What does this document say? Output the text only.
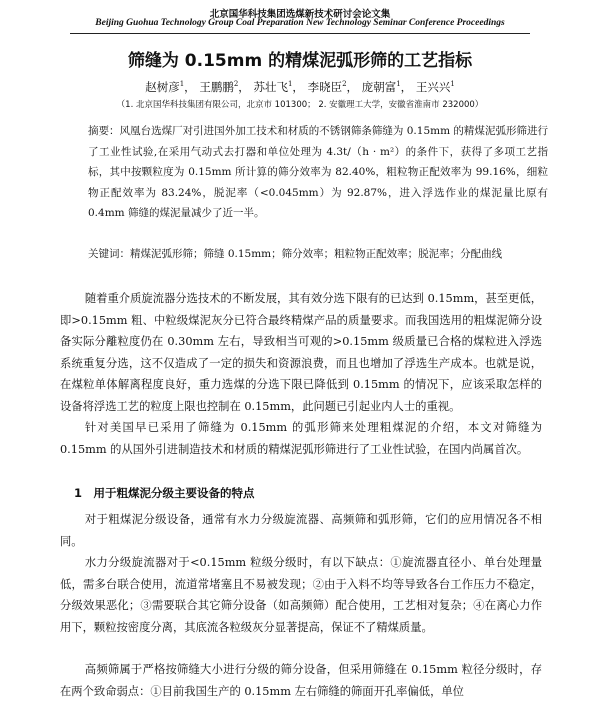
北京国华科技集团选煤新技术研讨会论文集
Beijing Guohua Technology Group Coal Preparation New Technology Seminar Conference Proceedings
筛缝为 0.15mm 的精煤泥弧形筛的工艺指标
赵树彦$^1$， 王鹏鹏$^2$， 苏壮飞$^1$， 李晓臣$^2$， 庞朝富$^1$， 王兴兴$^1$
（1. 北京国华科技集团有限公司，北京市 101300； 2. 安徽理工大学，安徽省淮南市 232000）
摘要：风凰台选煤厂对引进国外加工技术和材质的不锈钢筛条筛缝为 0.15mm 的精煤泥弧形筛进行了工业性试验,在采用气动式去打器和单位处理为 4.3t/（h · m²）的条件下，获得了多项工艺指标，其中按颗粒度为 0.15mm 所计算的筛分效率为 82.40%，粗粒物正配效率为 99.16%，细粒物正配效率为 83.24%，脱泥率（<0.045mm）为 92.87%，进入浮选作业的煤泥量比原有 0.4mm 筛缝的煤泥量减少了近一半。
关键词：精煤泥弧形筛；筛缝 0.15mm；筛分效率；粗粒物正配效率；脱泥率；分配曲线

随着重介质旋流器分选技术的不断发展，其有效分选下限有的已达到 0.15mm，甚至更低，即>0.15mm 粗、中粒级煤泥灰分已符合最终精煤产品的质量要求。而我国选用的粗煤泥筛分设备实际分離粒度仍在 0.30mm 左右，导致相当可观的>0.15mm 级质量已合格的煤粒进入浮选系统重复分选，这不仅造成了一定的损失和资源浪费，而且也增加了浮选生产成本。也就是说，在煤粒单体解离程度良好，重力选煤的分选下限已降低到 0.15mm 的情况下，应该采取怎样的设备将浮选工艺的粒度上限也控制在 0.15mm，此问题已引起业内人士的重视。

针对美国早已采用了筛缝为 0.15mm 的弧形筛来处理粗煤泥的介绍，本文对筛缝为 0.15mm 的从国外引进制造技术和材质的精煤泥弧形筛进行了工业性试验，在国内尚属首次。

1　用于粗煤泥分级主要设备的特点

对于粗煤泥分级设备，通常有水力分级旋流器、高频筛和弧形筛，它们的应用情况各不相同。

水力分级旋流器对于<0.15mm 粒级分级时，有以下缺点：①旋流器直径小、单台处理量低，需多台联合使用，流道常堵塞且不易被发现；②由于入料不均等导致各台工作压力不稳定，分级效果恶化；③需要联合其它筛分设备（如高频筛）配合使用，工艺相对复杂；④在离心力作用下，颗粒按密度分离，其底流各粒级灰分显著提高，保证不了精煤质量。

高频筛属于严格按筛缝大小进行分级的筛分设备，但采用筛缝在 0.15mm 粒径分级时，存在两个致命弱点：①目前我国生产的 0.15mm 左右筛缝的筛面开孔率偏低，单位
